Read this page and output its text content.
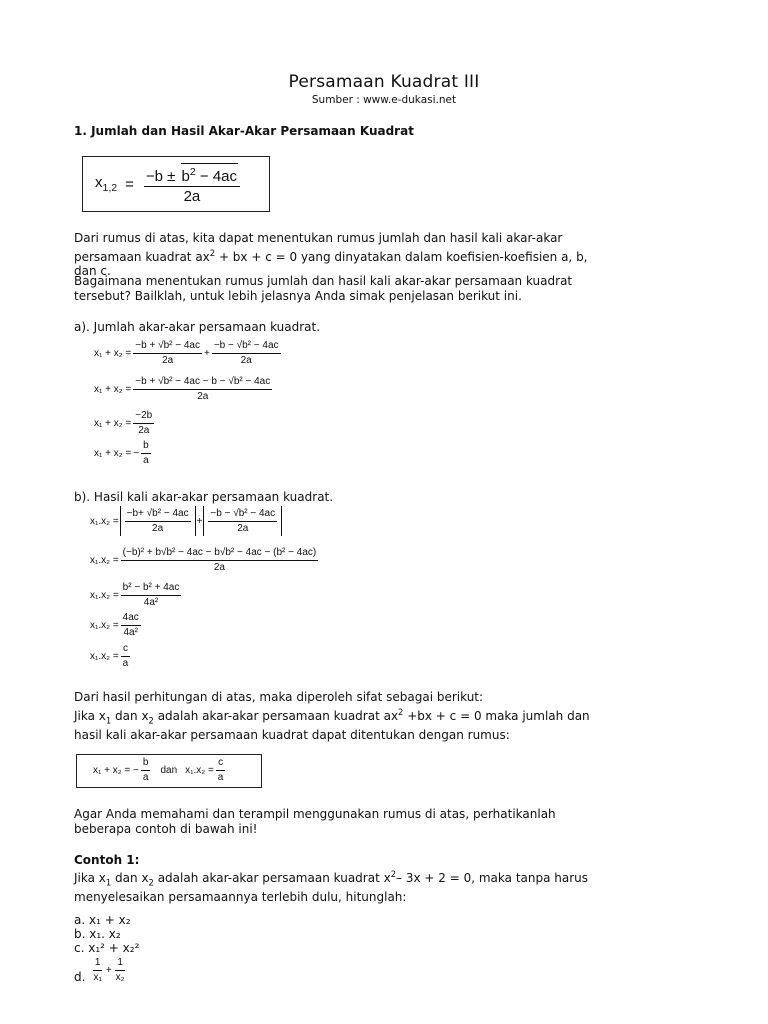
Persamaan Kuadrat III
Sumber : www.e-dukasi.net
1. Jumlah dan Hasil Akar-Akar Persamaan Kuadrat
$x_{1,2} = \frac{-b \pm b^2 - 4ac}{2a}$
Dari rumus di atas, kita dapat menentukan rumus jumlah dan hasil kali akar-akar persamaan kuadrat $ax^2$ + bx + c = 0 yang dinyatakan dalam koefisien-koefisien a, b, dan c.
Bagaimana menentukan rumus jumlah dan hasil kali akar-akar persamaan kuadrat tersebut? Bailklah, untuk lebih jelasnya Anda simak penjelasan berikut ini.
a). Jumlah akar-akar persamaan kuadrat.
$x_1 + x_2 = \frac{\text{−b + √b² − 4ac}}{2a} + \frac{\text{−b − √b² − 4ac}}{2a}$
$x_1 + x_2 = \frac{\text{−b + √b² − 4ac − b − √b² − 4ac}}{2a}$
$x_1 + x_2 = \frac{-2b}{2a}$
x₁ + x₂ = − $\frac{b}{a}$
b). Hasil kali akar-akar persamaan kuadrat.
$x_1.x_2 = \frac{\text{−b+ √b² − 4ac}}{2a} + \frac{\text{−b − √b² − 4ac}}{2a}$
$x_1.x_2 = \frac{\text{(−b)² + b√b² − 4ac − b√b² − 4ac − (b² − 4ac)}}{2a}$
$x_1.x_2 = \frac{\text{b² − b² + 4ac}}{\text{4a²}}$
$x_1.x_2 = \frac{4ac}{\text{4a²}}$
$x_1.x_2 = \frac{c}{a}$
Dari hasil perhitungan di atas, maka diperoleh sifat sebagai berikut:
Jika $x_1$ dan $x_2$ adalah akar-akar persamaan kuadrat $ax^2 +bx + c = 0$ maka jumlah dan hasil kali akar-akar persamaan kuadrat dapat ditentukan dengan rumus:
x₁ + x₂ = − $\frac{b}{a}$ dan $x_1.x_2 = \frac{c}{a}$
Agar Anda memahami dan terampil menggunakan rumus di atas, perhatikanlah beberapa contoh di bawah ini!
Contoh 1:
Jika $x_1$ dan $x_2$ adalah akar-akar persamaan kuadrat $x^2-$ 3x + 2 = 0, maka tanpa harus menyelesaikan persamaannya terlebih dulu, hitunglah:
a. x₁ + x₂
b. x₁. x₂
c. x₁² + x₂²
d. $\frac{1}{\text{x₁}} + \frac{1}{\text{x₂}}$
